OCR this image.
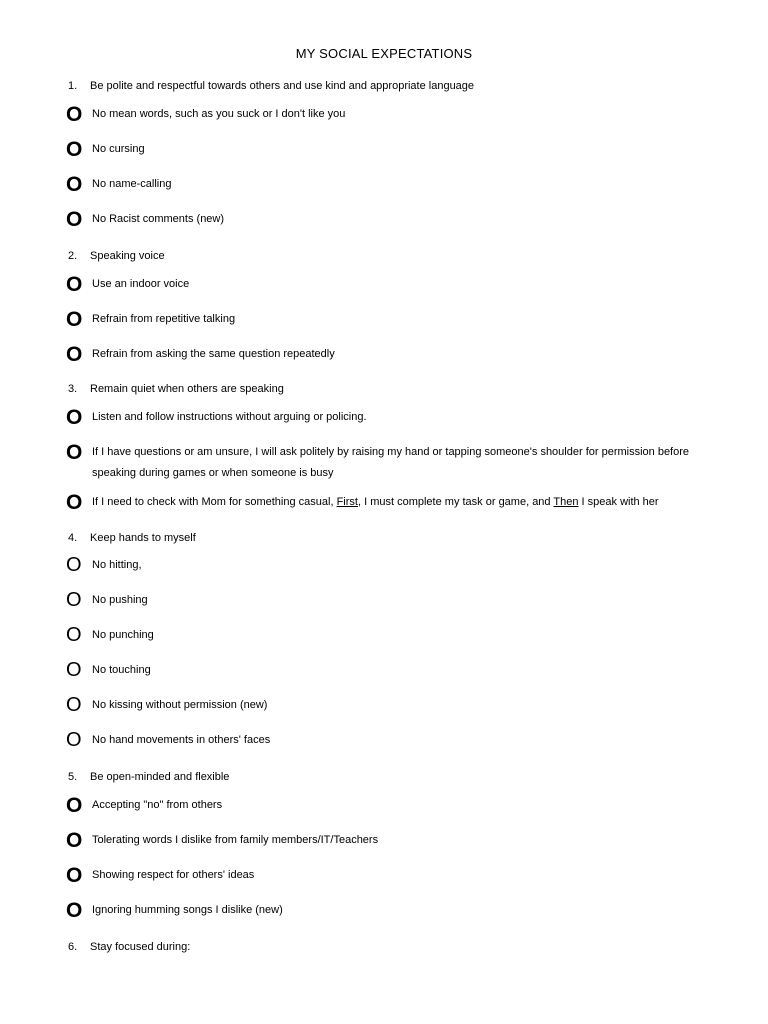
MY SOCIAL EXPECTATIONS
1. Be polite and respectful towards others and use kind and appropriate language
O No mean words, such as you suck or I don't like you
O No cursing
O No name-calling
O No Racist comments (new)
2. Speaking voice
O Use an indoor voice
O Refrain from repetitive talking
O Refrain from asking the same question repeatedly
3. Remain quiet when others are speaking
O Listen and follow instructions without arguing or policing.
O If I have questions or am unsure, I will ask politely by raising my hand or tapping someone's shoulder for permission before speaking during games or when someone is busy
O If I need to check with Mom for something casual, First, I must complete my task or game, and Then I speak with her
4. Keep hands to myself
O No hitting,
O No pushing
O No punching
O No touching
O No kissing without permission (new)
O No hand movements in others' faces
5. Be open-minded and flexible
O Accepting "no" from others
O Tolerating words I dislike from family members/IT/Teachers
O Showing respect for others' ideas
O Ignoring humming songs I dislike (new)
6. Stay focused during:
